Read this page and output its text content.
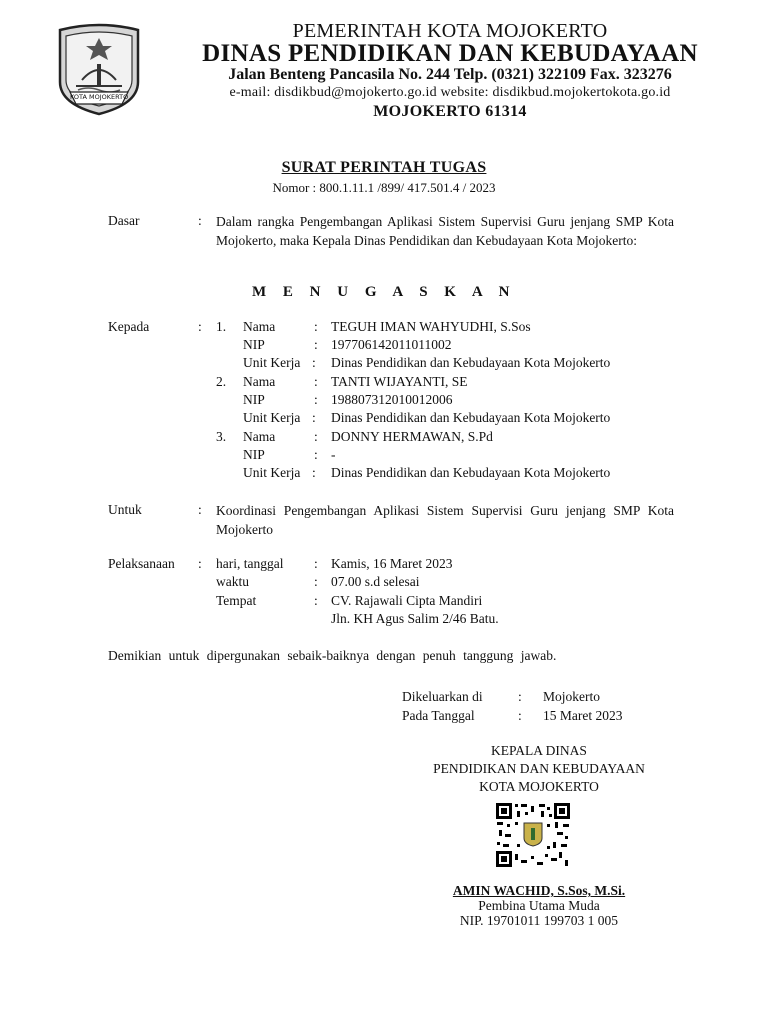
KOTA MOJOKERTO
PEMERINTAH KOTA MOJOKERTO
DINAS PENDIDIKAN DAN KEBUDAYAAN
Jalan Benteng Pancasila No. 244 Telp. (0321) 322109 Fax. 323276
e-mail: disdikbud@mojokerto.go.id website: disdikbud.mojokertokota.go.id
MOJOKERTO 61314
SURAT PERINTAH TUGAS
Nomor : 800.1.11.1 /899/ 417.501.4 / 2023
Dasar	: Dalam rangka Pengembangan Aplikasi Sistem Supervisi Guru jenjang SMP Kota Mojokerto, maka Kepala Dinas Pendidikan dan Kebudayaan Kota Mojokerto:
M E N U G A S K A N
Kepada	: 1. Nama	: TEGUH IMAN WAHYUDHI, S.Sos
NIP	: 197706142011011002
Unit Kerja : Dinas Pendidikan dan Kebudayaan Kota Mojokerto
2. Nama	: TANTI WIJAYANTI, SE
NIP	: 198807312010012006
Unit Kerja : Dinas Pendidikan dan Kebudayaan Kota Mojokerto
3. Nama	: DONNY HERMAWAN, S.Pd
NIP	: -
Unit Kerja : Dinas Pendidikan dan Kebudayaan Kota Mojokerto
Untuk	: Koordinasi Pengembangan Aplikasi Sistem Supervisi Guru jenjang SMP Kota Mojokerto
Pelaksanaan : hari, tanggal : Kamis, 16 Maret 2023
waktu	: 07.00 s.d selesai
Tempat	: CV. Rajawali Cipta Mandiri
Jln. KH Agus Salim 2/46 Batu.
Demikian untuk dipergunakan sebaik-baiknya dengan penuh tanggung jawab.
Dikeluarkan di	: Mojokerto
Pada Tanggal	: 15 Maret 2023
KEPALA DINAS
PENDIDIKAN DAN KEBUDAYAAN
KOTA MOJOKERTO
AMIN WACHID, S.Sos, M.Si.
Pembina Utama Muda
NIP. 19701011 199703 1 005
